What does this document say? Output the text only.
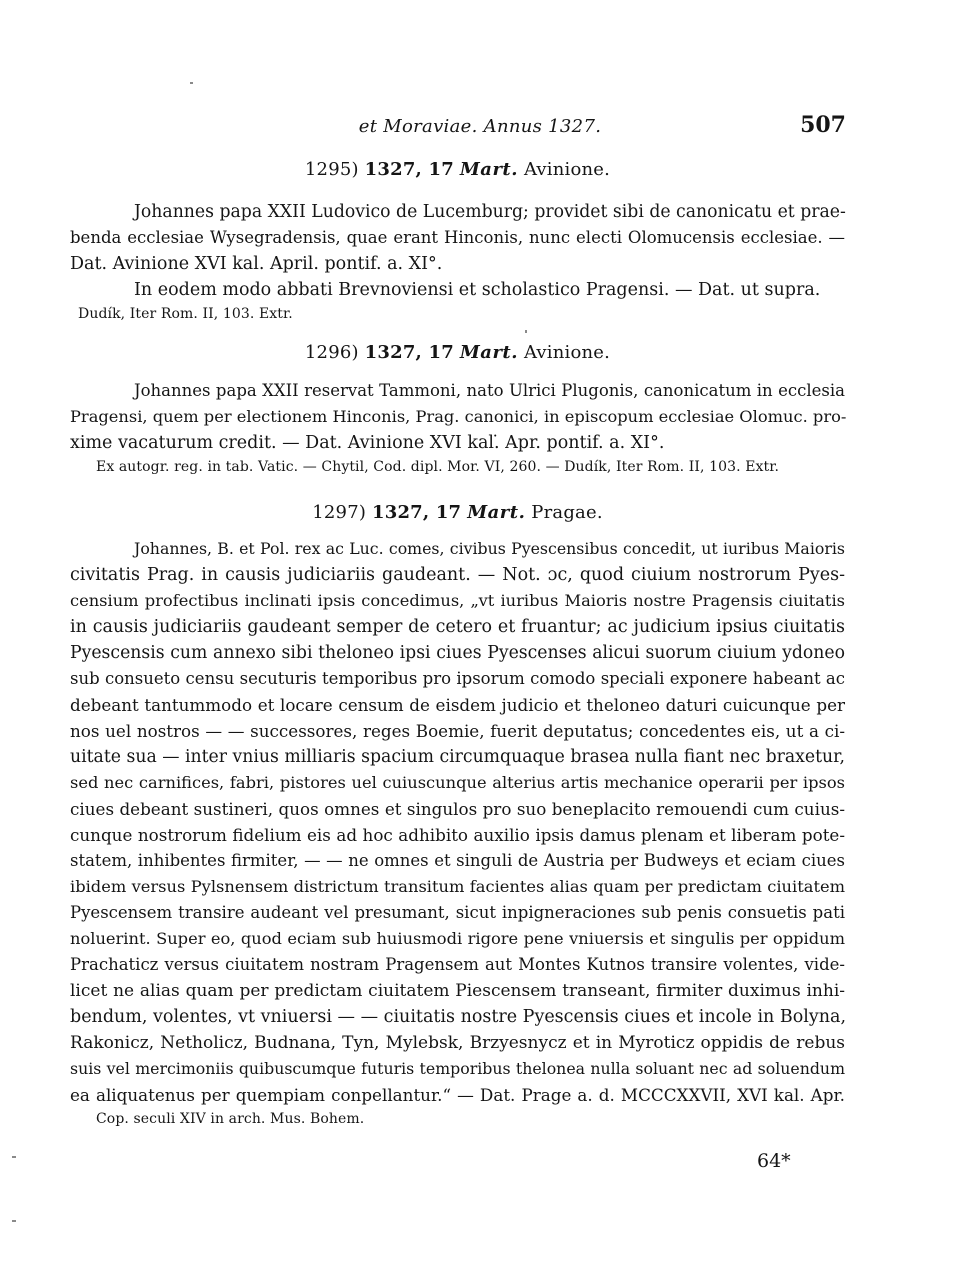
et Moraviae. Annus 1327.	507
1295) 1327, 17 Mart. Avinione.
Johannes papa XXII Ludovico de Lucemburg; providet sibi de canonicatu et prae-
benda ecclesiae Wysegradensis, quae erant Hinconis, nunc electi Olomucensis ecclesiae. —
Dat. Avinione XVI kal. April. pontif. a. XI°.
In eodem modo abbati Brevnoviensi et scholastico Pragensi. — Dat. ut supra.
Dudík, Iter Rom. II, 103. Extr.
1296) 1327, 17 Mart. Avinione.
Johannes papa XXII reservat Tammoni, nato Ulrici Plugonis, canonicatum in ecclesia
Pragensi, quem per electionem Hinconis, Prag. canonici, in episcopum ecclesiae Olomuc. pro-
xime vacaturum credit. — Dat. Avinione XVI kal.̇ Apr. pontif. a. XI°.
Ex autogr. reg. in tab. Vatic. — Chytil, Cod. dipl. Mor. VI, 260. — Dudík, Iter Rom. II, 103. Extr.
1297) 1327, 17 Mart. Pragae.
Johannes, B. et Pol. rex ac Luc. comes, civibus Pyescensibus concedit, ut iuribus Maioris
civitatis Prag. in causis judiciariis gaudeant. — Not. ɔc, quod ciuium nostrorum Pyes-
censium profectibus inclinati ipsis concedimus, „vt iuribus Maioris nostre Pragensis ciuitatis
in causis judiciariis gaudeant semper de cetero et fruantur; ac judicium ipsius ciuitatis
Pyescensis cum annexo sibi theloneo ipsi ciues Pyescenses alicui suorum ciuium ydoneo
sub consueto censu secuturis temporibus pro ipsorum comodo speciali exponere habeant ac
debeant tantummodo et locare censum de eisdem judicio et theloneo daturi cuicunque per
nos uel nostros — — successores, reges Boemie, fuerit deputatus; concedentes eis, ut a ci-
uitate sua — inter vnius milliaris spacium circumquaque brasea nulla fiant nec braxetur,
sed nec carnifices, fabri, pistores uel cuiuscunque alterius artis mechanice operarii per ipsos
ciues debeant sustineri, quos omnes et singulos pro suo beneplacito remouendi cum cuius-
cunque nostrorum fidelium eis ad hoc adhibito auxilio ipsis damus plenam et liberam pote-
statem, inhibentes firmiter, — — ne omnes et singuli de Austria per Budweys et eciam ciues
ibidem versus Pylsnensem districtum transitum facientes alias quam per predictam ciuitatem
Pyescensem transire audeant vel presumant, sicut inpigneraciones sub penis consuetis pati
noluerint. Super eo, quod eciam sub huiusmodi rigore pene vniuersis et singulis per oppidum
Prachaticz versus ciuitatem nostram Pragensem aut Montes Kutnos transire volentes, vide-
licet ne alias quam per predictam ciuitatem Piescensem transeant, firmiter duximus inhi-
bendum, volentes, vt vniuersi — — ciuitatis nostre Pyescensis ciues et incole in Bolyna,
Rakonicz, Netholicz, Budnana, Tyn, Mylebsk, Brzyesnycz et in Myroticz oppidis de rebus
suis vel mercimoniis quibuscumque futuris temporibus thelonea nulla soluant nec ad soluendum
ea aliquatenus per quempiam conpellantur.“ — Dat. Prage a. d. MCCCXXVII, XVI kal. Apr.
Cop. seculi XIV in arch. Mus. Bohem.
64*
